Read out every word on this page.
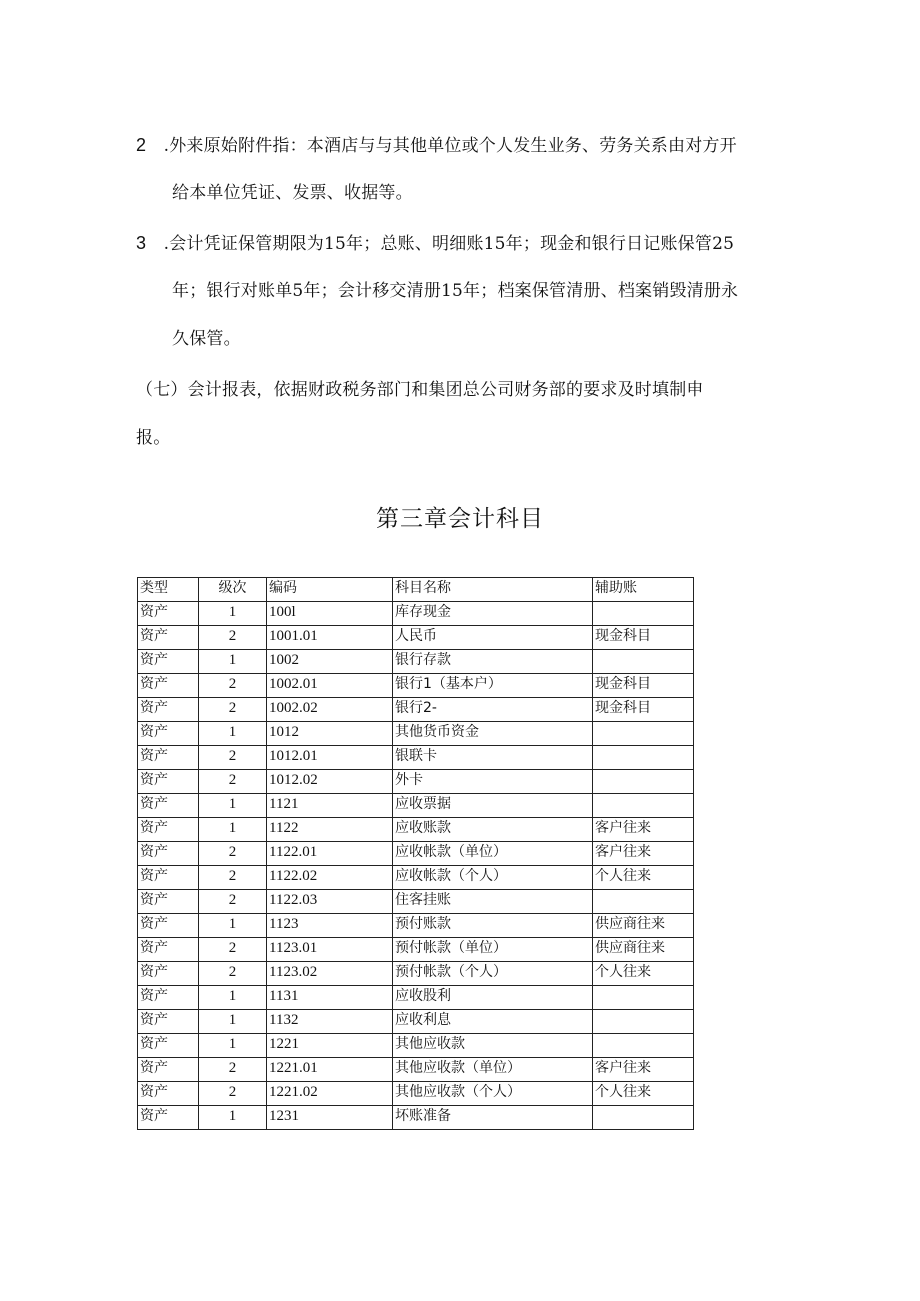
2 .外来原始附件指：本酒店与与其他单位或个人发生业务、劳务关系由对方开
给本单位凭证、发票、收据等。
3 .会计凭证保管期限为15年；总账、明细账15年；现金和银行日记账保管25
年；银行对账单5年；会计移交清册15年；档案保管清册、档案销毁清册永
久保管。
（七）会计报表，依据财政税务部门和集团总公司财务部的要求及时填制申
报。
第三章会计科目
类型	级次	编码	科目名称	辅助账
资产	1	100l	库存现金	
资产	2	1001.01	人民币	现金科目
资产	1	1002	银行存款	
资产	2	1002.01	银行1（基本户）	现金科目
资产	2	1002.02	银行2-	现金科目
资产	1	1012	其他货币资金	
资产	2	1012.01	银联卡	
资产	2	1012.02	外卡	
资产	1	1121	应收票据	
资产	1	1122	应收账款	客户往来
资产	2	1122.01	应收帐款（单位）	客户往来
资产	2	1122.02	应收帐款（个人）	个人往来
资产	2	1122.03	住客挂账	
资产	1	1123	预付账款	供应商往来
资产	2	1123.01	预付帐款（单位）	供应商往来
资产	2	1123.02	预付帐款（个人）	个人往来
资产	1	1131	应收股利	
资产	1	1132	应收利息	
资产	1	1221	其他应收款	
资产	2	1221.01	其他应收款（单位）	客户往来
资产	2	1221.02	其他应收款（个人）	个人往来
资产	1	1231	坏账准备	
